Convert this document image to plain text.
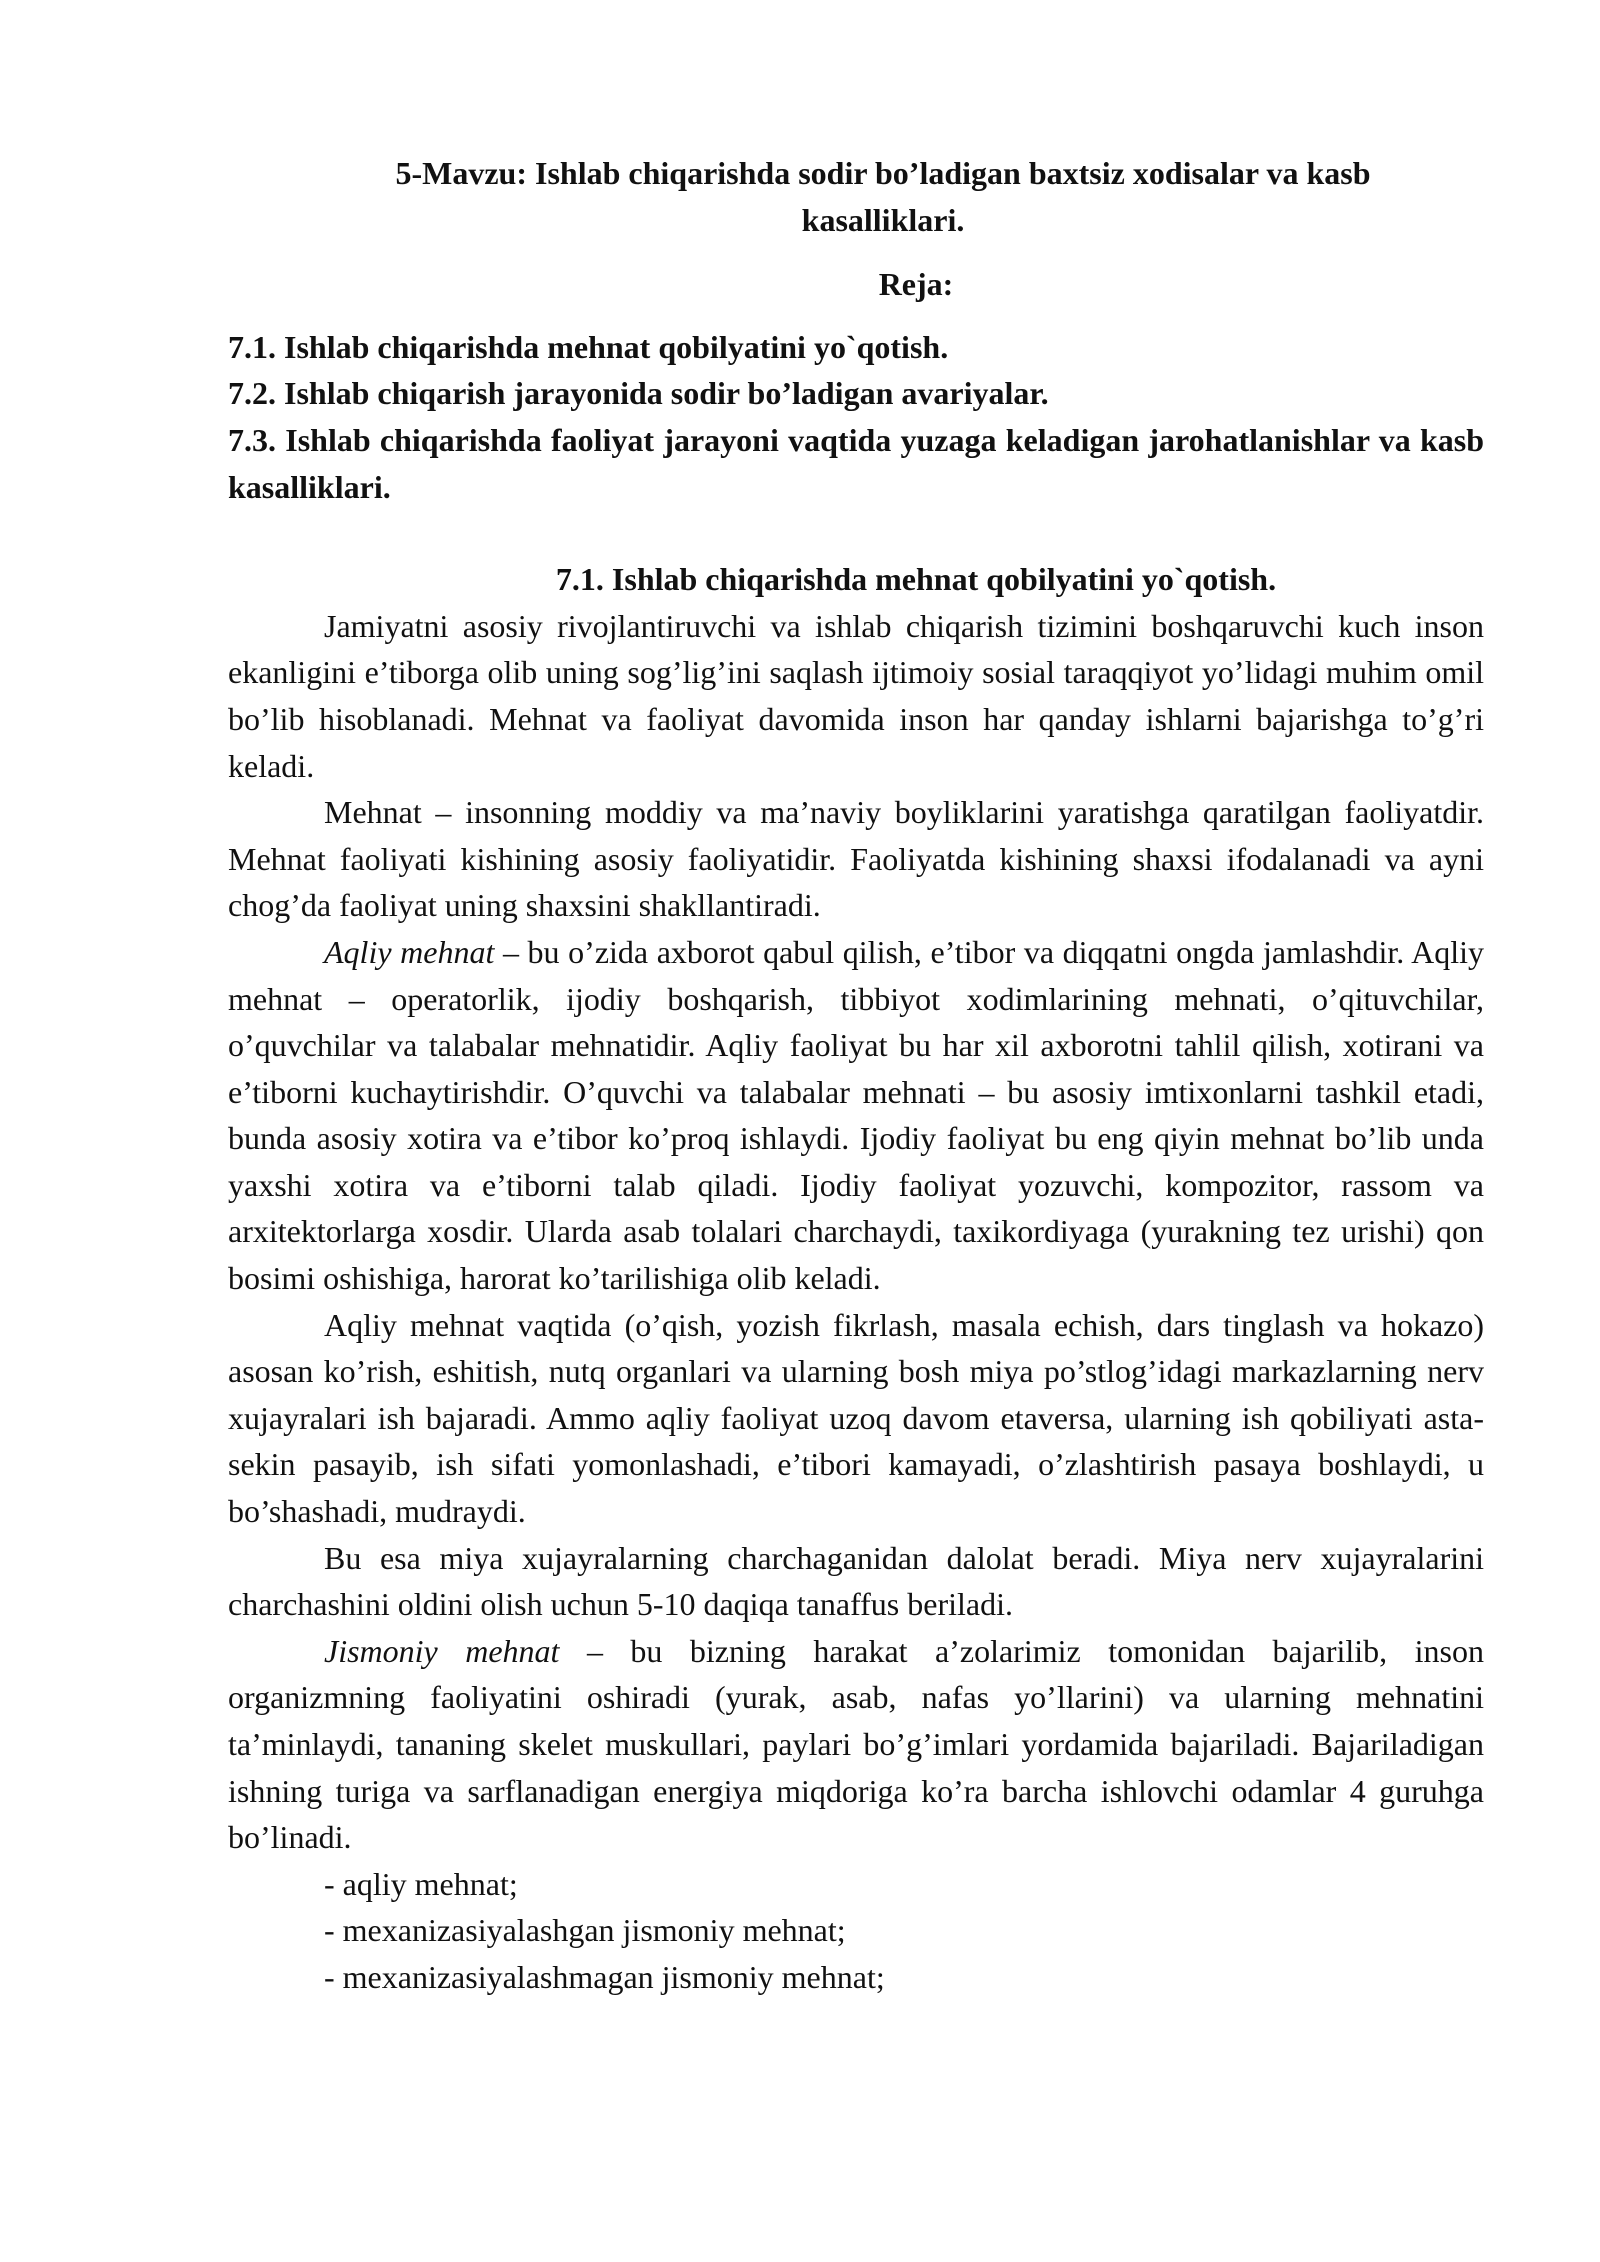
5-Mavzu: Ishlab chiqarishda sodir bo’ladigan baxtsiz xodisalar va kasb kasalliklari.

Reja:

7.1. Ishlab chiqarishda mehnat qobilyatini yo`qotish.

7.2. Ishlab chiqarish jarayonida sodir bo’ladigan avariyalar.

7.3. Ishlab chiqarishda faoliyat jarayoni vaqtida yuzaga keladigan jarohatlanishlar va kasb kasalliklari.

7.1. Ishlab chiqarishda mehnat qobilyatini yo`qotish.

Jamiyatni asosiy rivojlantiruvchi va ishlab chiqarish tizimini boshqaruvchi kuch inson ekanligini e’tiborga olib uning sog’lig’ini saqlash ijtimoiy sosial taraqqiyot yo’lidagi muhim omil bo’lib hisoblanadi. Mehnat va faoliyat davomida inson har qanday ishlarni bajarishga to’g’ri keladi.

Mehnat – insonning moddiy va ma’naviy boyliklarini yaratishga qaratilgan faoliyatdir. Mehnat faoliyati kishining asosiy faoliyatidir. Faoliyatda kishining shaxsi ifodalanadi va ayni chog’da faoliyat uning shaxsini shakllantiradi.

Aqliy mehnat – bu o’zida axborot qabul qilish, e’tibor va diqqatni ongda jamlashdir. Aqliy mehnat – operatorlik, ijodiy boshqarish, tibbiyot xodimlarining mehnati, o’qituvchilar, o’quvchilar va talabalar mehnatidir. Aqliy faoliyat bu har xil axborotni tahlil qilish, xotirani va e’tiborni kuchaytirishdir. O’quvchi va talabalar mehnati – bu asosiy imtixonlarni tashkil etadi, bunda asosiy xotira va e’tibor ko’proq ishlaydi. Ijodiy faoliyat bu eng qiyin mehnat bo’lib unda yaxshi xotira va e’tiborni talab qiladi. Ijodiy faoliyat yozuvchi, kompozitor, rassom va arxitektorlarga xosdir. Ularda asab tolalari charchaydi, taxikordiyaga (yurakning tez urishi) qon bosimi oshishiga, harorat ko’tarilishiga olib keladi.

Aqliy mehnat vaqtida (o’qish, yozish fikrlash, masala echish, dars tinglash va hokazo) asosan ko’rish, eshitish, nutq organlari va ularning bosh miya po’stlog’idagi markazlarning nerv xujayralari ish bajaradi. Ammo aqliy faoliyat uzoq davom etaversa, ularning ish qobiliyati asta-sekin pasayib, ish sifati yomonlashadi, e’tibori kamayadi, o’zlashtirish pasaya boshlaydi, u bo’shashadi, mudraydi.

Bu esa miya xujayralarning charchaganidan dalolat beradi. Miya nerv xujayralarini charchashini oldini olish uchun 5-10 daqiqa tanaffus beriladi.

Jismoniy mehnat – bu bizning harakat a’zolarimiz tomonidan bajarilib, inson organizmning faoliyatini oshiradi (yurak, asab, nafas yo’llarini) va ularning mehnatini ta’minlaydi, tananing skelet muskullari, paylari bo’g’imlari yordamida bajariladi. Bajariladigan ishning turiga va sarflanadigan energiya miqdoriga ko’ra barcha ishlovchi odamlar 4 guruhga bo’linadi.

- aqliy mehnat;

- mexanizasiyalashgan jismoniy mehnat;

- mexanizasiyalashmagan jismoniy mehnat;
